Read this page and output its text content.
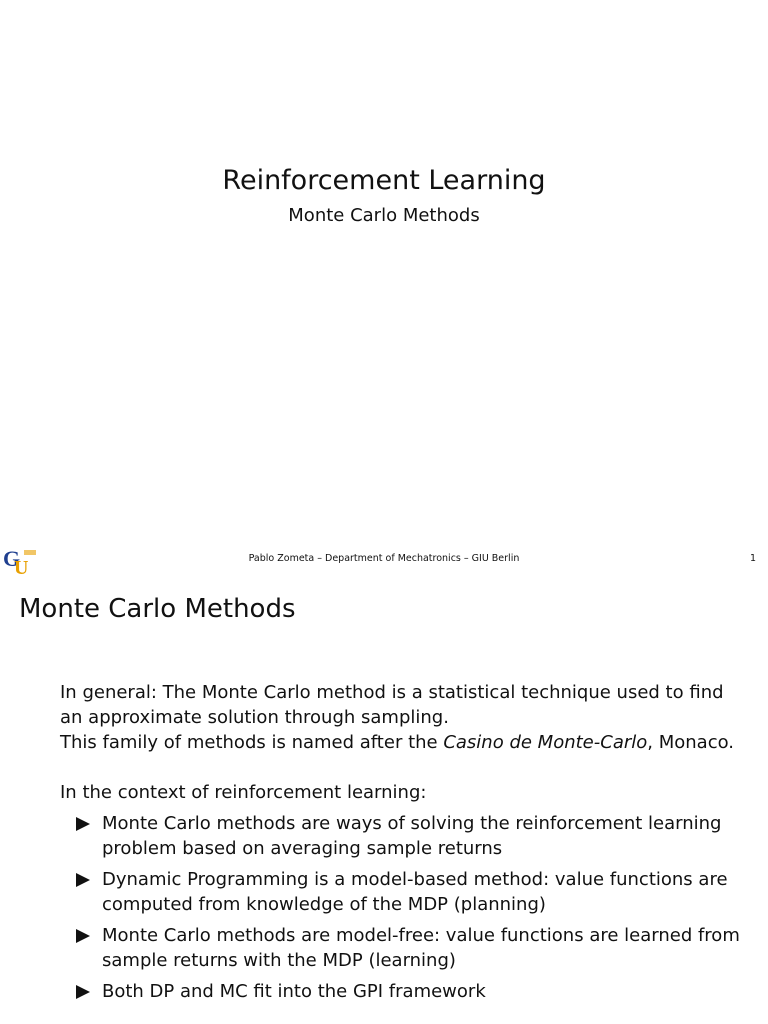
Reinforcement Learning
Monte Carlo Methods
G
U	Pablo Zometa – Department of Mechatronics – GIU Berlin	1
Monte Carlo Methods

In general: The Monte Carlo method is a statistical technique used to find an approximate solution through sampling.

This family of methods is named after the Casino de Monte-Carlo, Monaco.

In the context of reinforcement learning:

Monte Carlo methods are ways of solving the reinforcement learning problem based on averaging sample returns
Dynamic Programming is a model-based method: value functions are computed from knowledge of the MDP (planning)
Monte Carlo methods are model-free: value functions are learned from sample returns with the MDP (learning)
Both DP and MC fit into the GPI framework
